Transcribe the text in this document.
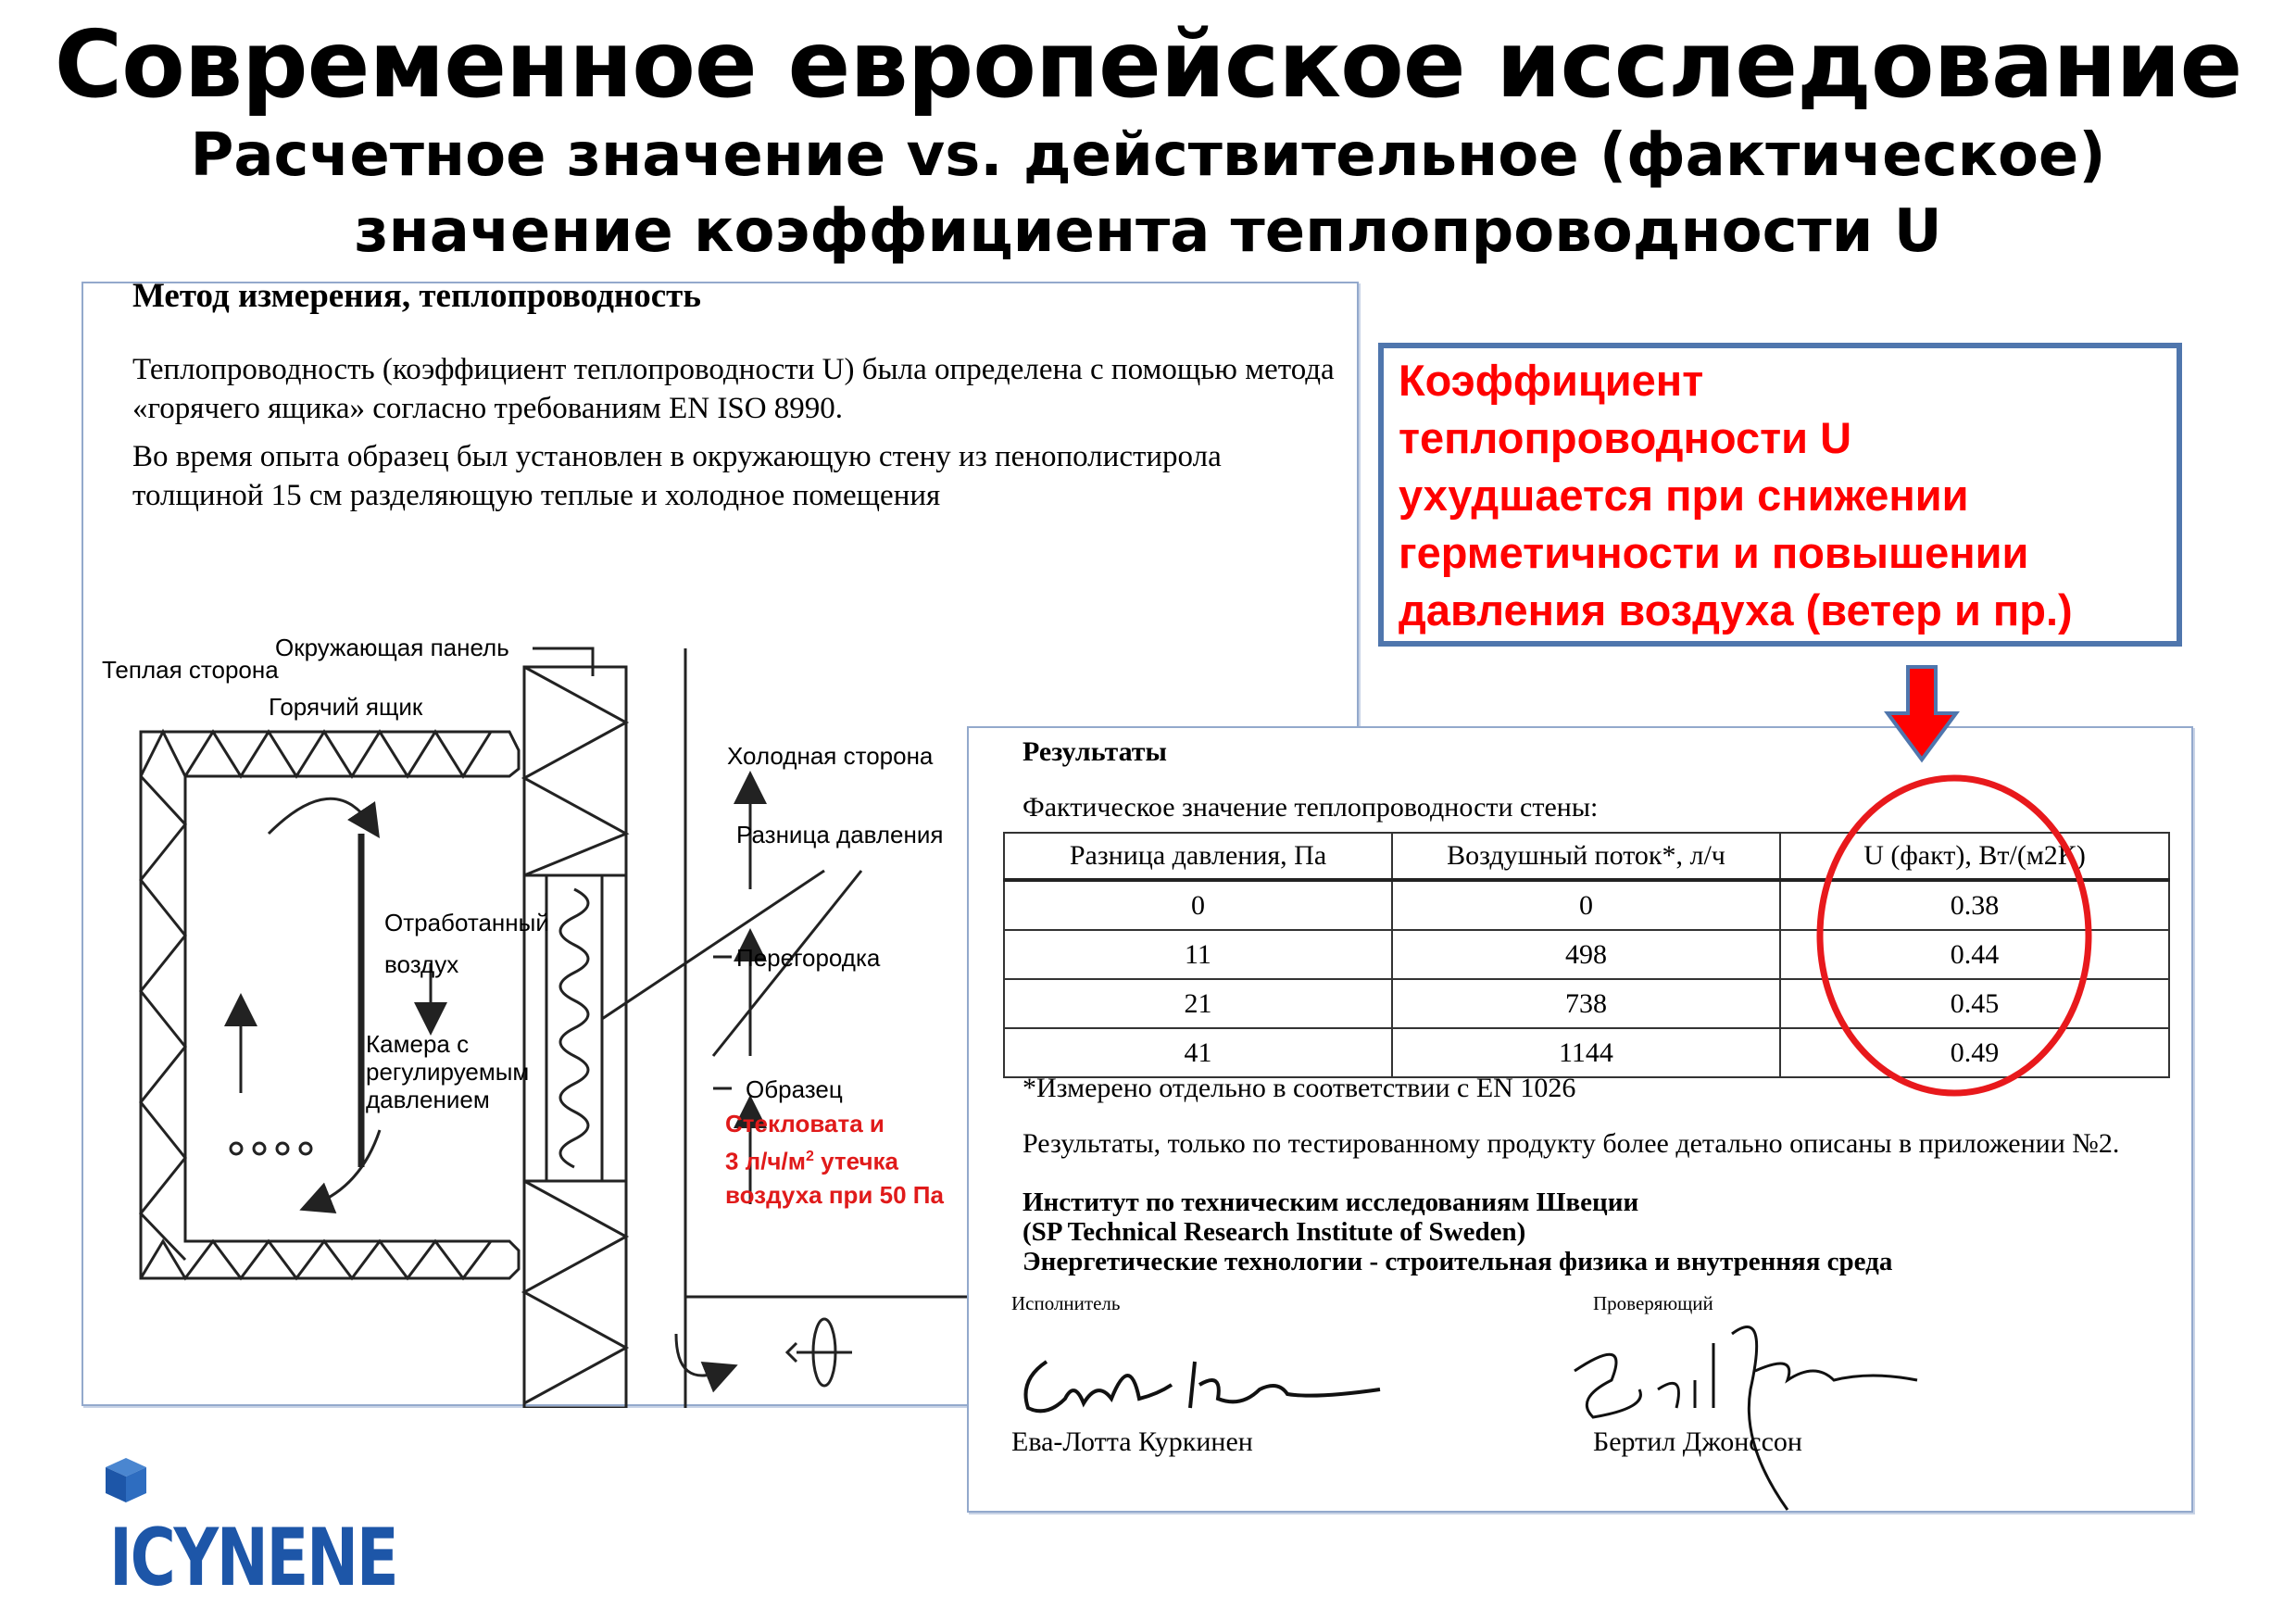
Современное европейское исследование
Расчетное значение vs. действительное (фактическое)
значение коэффициента теплопроводности U
Метод измерения, теплопроводность
Теплопроводность (коэффициент теплопроводности U) была определена с помощью метода «горячего ящика» согласно требованиям EN ISO 8990.
Во время опыта образец был установлен в окружающую стену из пенополистирола толщиной 15 см разделяющую теплые и холодное помещения
Окружающая панель
Теплая сторона
Горячий ящик
Холодная сторона
Разница давления
Отработанный
воздух	Перегородка
Камера с
регулируемым
давлением	Образец
Стекловата и
3 $л/ч/м^2$ утечка
воздуха при 50 Па
Коэффициент
теплопроводности U
ухудшается при снижении
герметичности и повышении
давления воздуха (ветер и пр.)
Результаты
Фактическое значение теплопроводности стены:
Разница давления, Па	Воздушный поток*, л/ч	U (факт), Вт/(м2К)
0	0	0.38
11	498	0.44
21	738	0.45
41	1144	0.49
*Измерено отдельно в соответствии с EN 1026
Результаты, только по тестированному продукту более детально описаны в приложении №2.
Институт по техническим исследованиям Швеции
(SP Technical Research Institute of Sweden)
Энергетические технологии - строительная физика и внутренняя среда
Исполнитель	Проверяющий
Ева-Лотта Куркинен	Бертил Джонссон
ICYNENE
